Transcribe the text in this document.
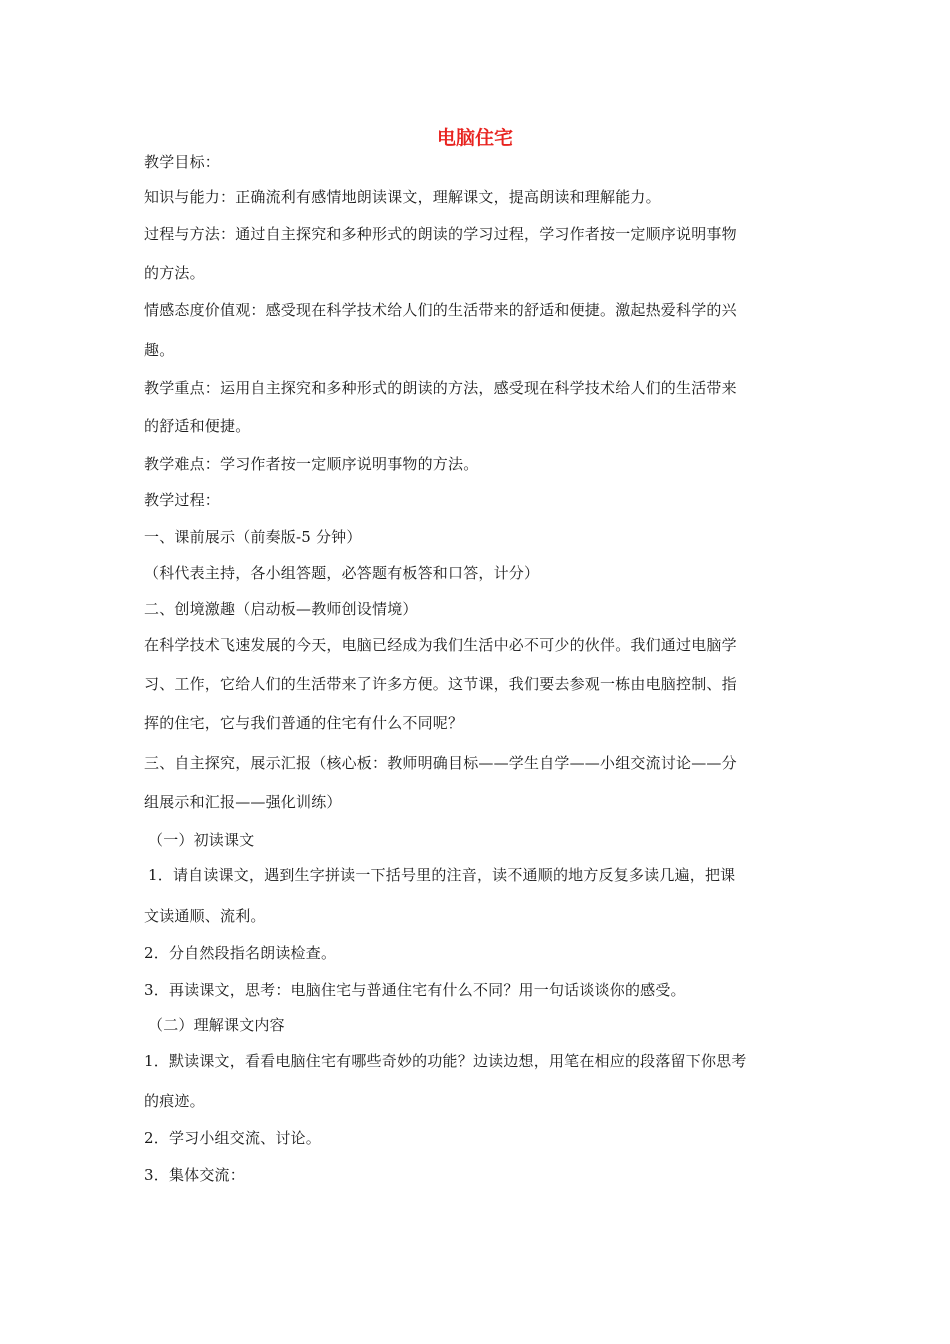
电脑住宅
教学目标：
知识与能力：正确流利有感情地朗读课文，理解课文，提高朗读和理解能力。
过程与方法：通过自主探究和多种形式的朗读的学习过程，学习作者按一定顺序说明事物
的方法。
情感态度价值观：感受现在科学技术给人们的生活带来的舒适和便捷。激起热爱科学的兴
趣。
教学重点：运用自主探究和多种形式的朗读的方法，感受现在科学技术给人们的生活带来
的舒适和便捷。
教学难点：学习作者按一定顺序说明事物的方法。
教学过程：
一、课前展示（前奏版-5 分钟）
（科代表主持，各小组答题，必答题有板答和口答，计分）
二、创境激趣（启动板—教师创设情境）
在科学技术飞速发展的今天，电脑已经成为我们生活中必不可少的伙伴。我们通过电脑学
习、工作，它给人们的生活带来了许多方便。这节课，我们要去参观一栋由电脑控制、指
挥的住宅，它与我们普通的住宅有什么不同呢？
三、自主探究，展示汇报（核心板：教师明确目标——学生自学——小组交流讨论——分
组展示和汇报——强化训练）
（一）初读课文
1．请自读课文，遇到生字拼读一下括号里的注音，读不通顺的地方反复多读几遍，把课
文读通顺、流利。
2．分自然段指名朗读检查。
3．再读课文，思考：电脑住宅与普通住宅有什么不同？用一句话谈谈你的感受。
（二）理解课文内容
1．默读课文，看看电脑住宅有哪些奇妙的功能？边读边想，用笔在相应的段落留下你思考
的痕迹。
2．学习小组交流、讨论。
3．集体交流：
